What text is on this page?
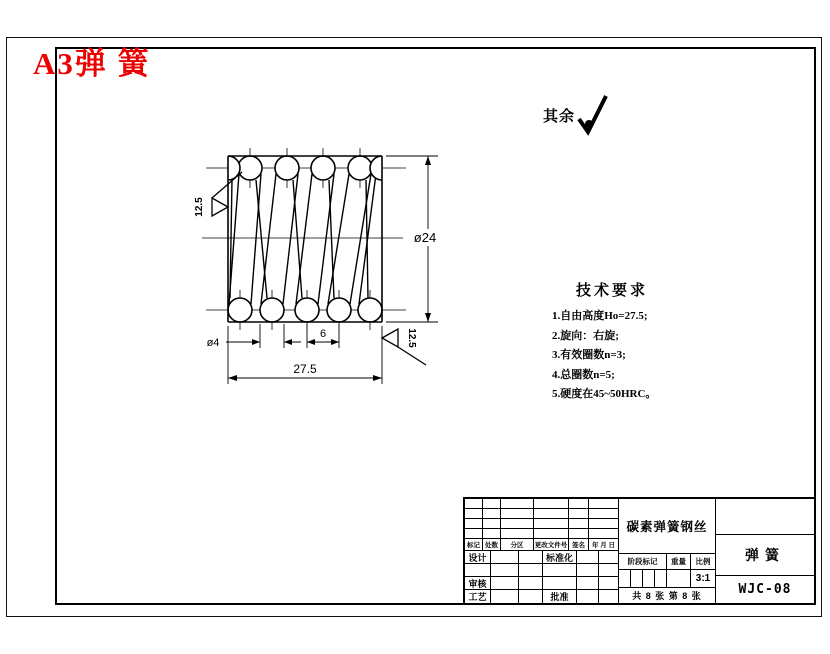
A3弹 簧
其余
ø24
27.5
ø4
6
12.5
12.5
技术要求
1.自由高度Ho=27.5;
2.旋向：右旋;
3.有效圈数n=3;
4.总圈数n=5;
5.硬度在45~50HRC。
标记 处数	分区	更改文件号 签名	年 月 日
设计	标准化
审核
工艺	批准
碳素弹簧钢丝
阶段标记	重量	比例
3:1
共 8 张 第 8 张
弹簧
WJC-08
